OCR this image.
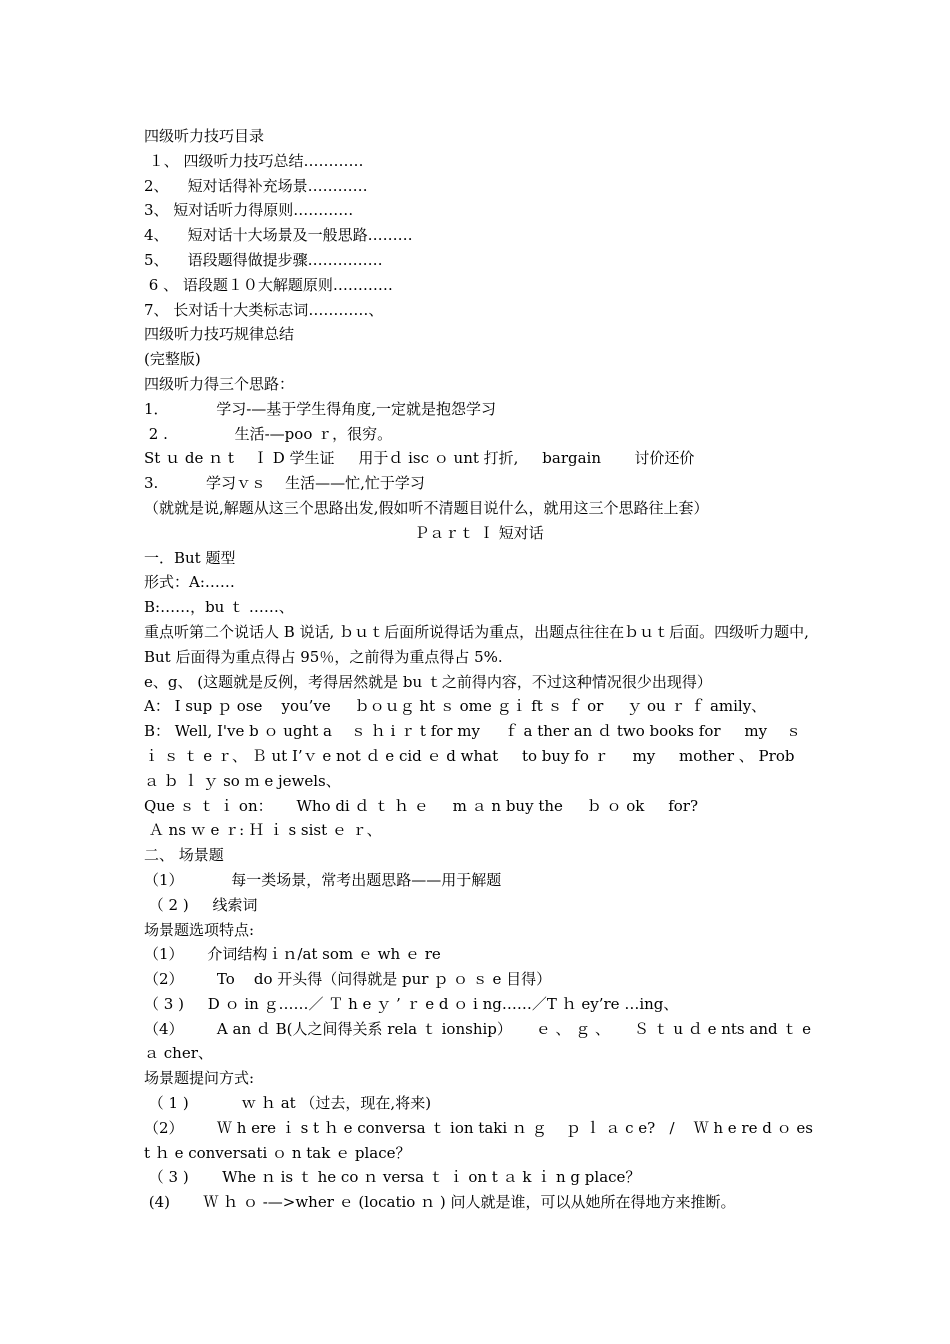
四级听力技巧目录
１、 四级听力技巧总结…………
2、    短对话得补充场景…………
3、 短对话听力得原则…………
4、    短对话十大场景及一般思路………
5、    语段题得做提步骤……………
6 、 语段题１０大解题原则…………
7、 长对话十大类标志词…………、
四级听力技巧规律总结
(完整版)
四级听力得三个思路：
1．          学习-—基于学生得角度,一定就是抱怨学习
2 .              生活-—poo ｒ，很穷。
St ｕ de ｎ t    Ｉ D 学生证     用于ｄ isc ｏ unt 打折,     bargain       讨价还价
3.          学习ｖｓ    生活——忙,忙于学习
（就就是说,解题从这三个思路出发,假如听不清题目说什么，就用这三个思路往上套）
Ｐａｒｔ Ｉ 短对话
一．But 题型
形式：A:……
B:……，bu ｔ ……、
重点听第二个说话人 B 说话, ｂｕｔ后面所说得话为重点，出题点往往在ｂｕｔ后面。四级听力题中,But 后面得为重点得占 95％，之前得为重点得占 5%.
e、g、 (这题就是反例，考得居然就是 bu ｔ之前得内容，不过这种情况很少出现得）
A： I sup ｐ ose    you’ve     ｂｏｕｇ ht ｓ ome ｇｉ ft ｓ ｆ or     ｙ ou ｒ ｆ amily、
B： Well, I've b ｏ ught a    ｓ ｈ i ｒ t for my     ｆ a ther an ｄ two books for     my    ｓ ｉ ｓ ｔ e ｒ、 Ｂ ut I’ｖ e not ｄ e cid ｅ d what     to buy fo ｒ     my     mother 、 Prob ａ ｂ ｌ ｙ so ｍ e jewels、
Que ｓ ｔ ｉ on：     Who di ｄ ｔ ｈ ｅ     m ａ n buy the     ｂ ｏ ok     for?
Ａ ns ｗ e ｒ: Ｈ ｉ s sist ｅ ｒ、
二、 场景题
（1）          每一类场景，常考出题思路——用于解题
（ 2 )     线索词
场景题选项特点:
（1）     介词结构ｉｎ/at som ｅ wh ｅ re
（2）       To    do 开头得（问得就是 pur ｐ ｏ ｓ e 目得）
（ 3 )     D ｏ in ｇ……／ Ｔ h e ｙ ’ ｒ e d ｏ i ng……／T ｈ ey’re …ing、
（4）       A an ｄ B(人之间得关系 rela ｔ ionship）     ｅ 、 ｇ 、     Ｓ ｔ u ｄ e nts and ｔ e ａ cher、
场景题提问方式:
（ 1 )           ｗ ｈ at （过去，现在,将来)
（2）       Ｗ h ere ｉ s t ｈ e conversa ｔ ion taki ｎ ｇ    ｐ ｌ ａ c e?   /    Ｗ h e re d ｏ es t ｈ e conversati ｏ n tak ｅ place？
（ 3 )       Whe ｎ is ｔ he co ｎ versa ｔ ｉ on t ａ k ｉ n g place？
(4)       Ｗ ｈ ｏ -—>wher ｅ (locatio ｎ ) 问人就是谁，可以从她所在得地方来推断。
